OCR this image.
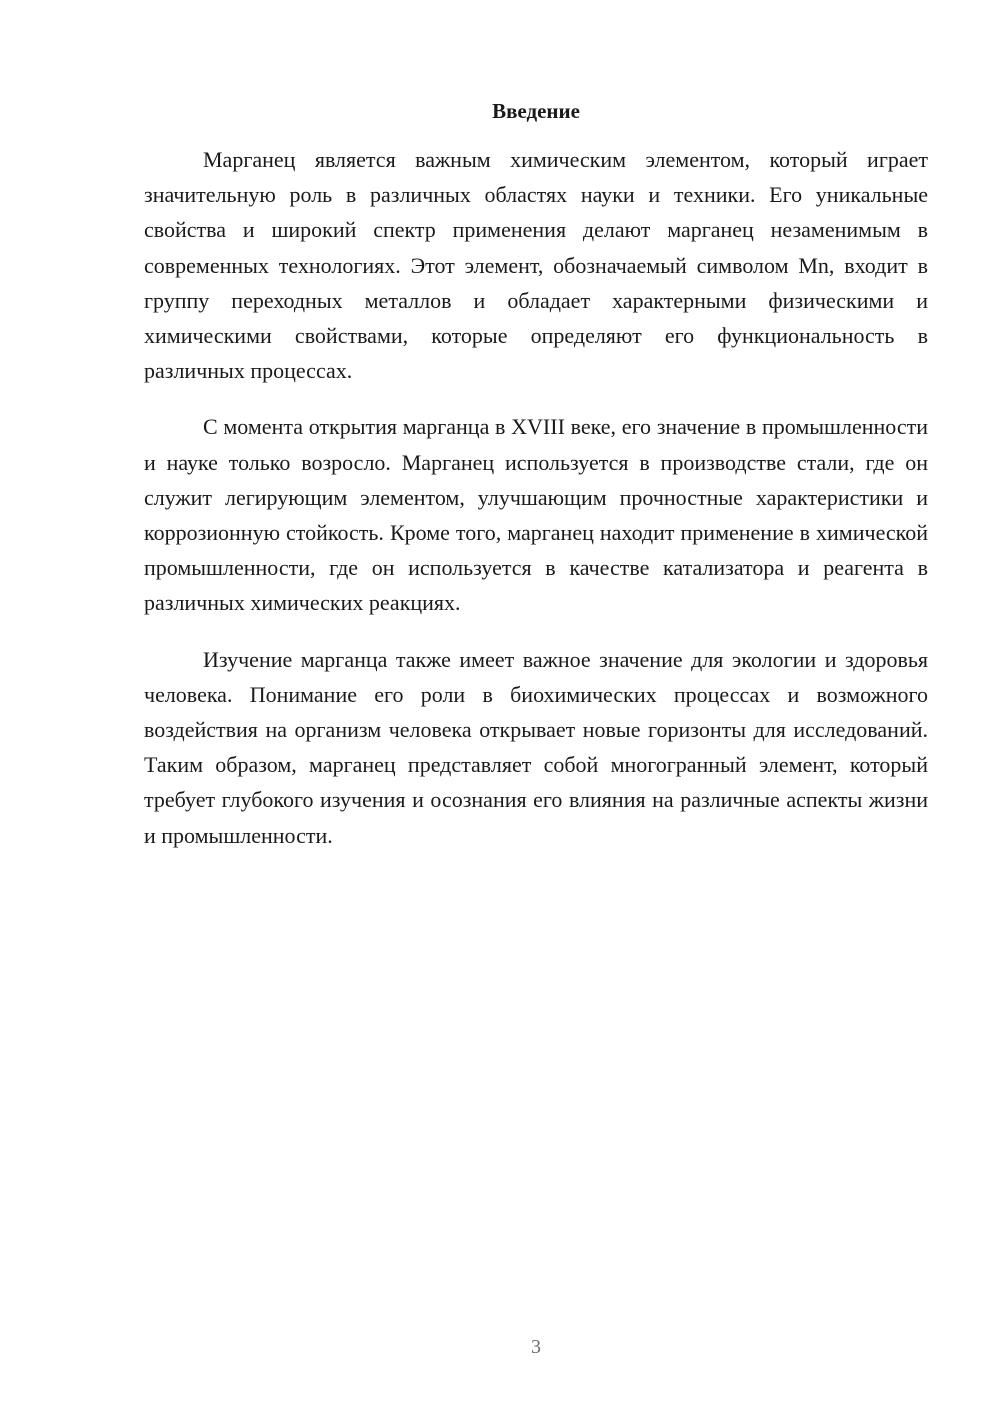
Введение

Марганец является важным химическим элементом, который играет значительную роль в различных областях науки и техники. Его уникальные свойства и широкий спектр применения делают марганец незаменимым в современных технологиях. Этот элемент, обозначаемый символом Mn, входит в группу переходных металлов и обладает характерными физическими и химическими свойствами, которые определяют его функциональность в различных процессах.

С момента открытия марганца в XVIII веке, его значение в промышленности и науке только возросло. Марганец используется в производстве стали, где он служит легирующим элементом, улучшающим прочностные характеристики и коррозионную стойкость. Кроме того, марганец находит применение в химической промышленности, где он используется в качестве катализатора и реагента в различных химических реакциях.

Изучение марганца также имеет важное значение для экологии и здоровья человека. Понимание его роли в биохимических процессах и возможного воздействия на организм человека открывает новые горизонты для исследований. Таким образом, марганец представляет собой многогранный элемент, который требует глубокого изучения и осознания его влияния на различные аспекты жизни и промышленности.

3
